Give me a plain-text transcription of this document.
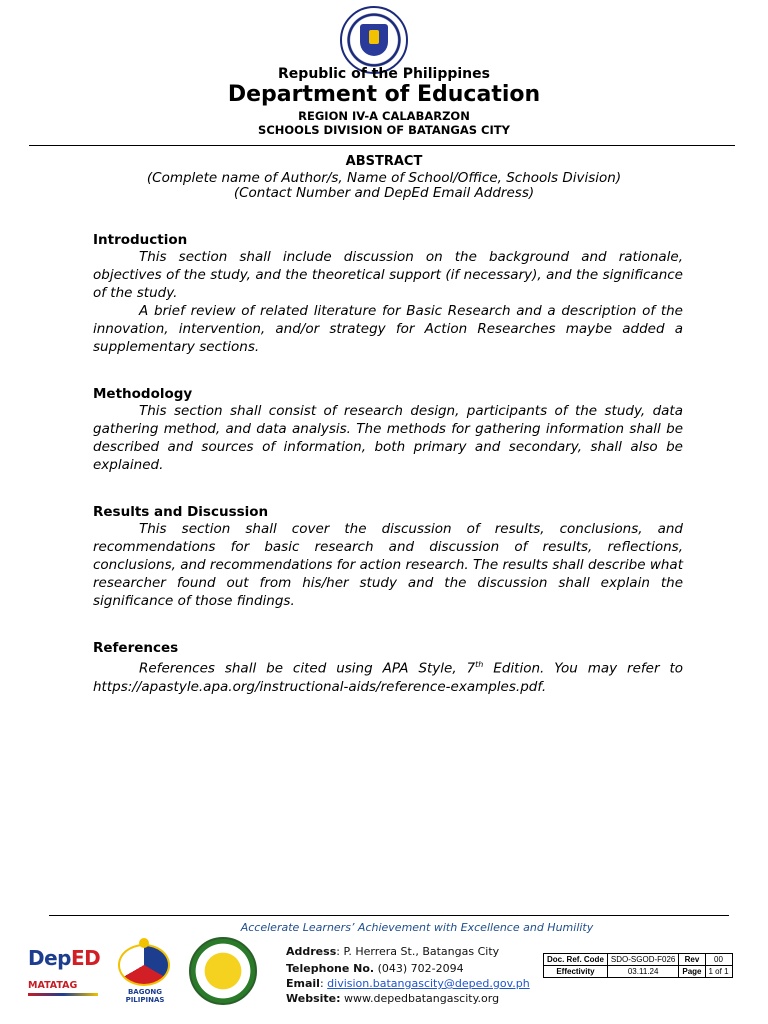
Republic of the Philippines
Department of Education
REGION IV-A CALABARZON
SCHOOLS DIVISION OF BATANGAS CITY
ABSTRACT
(Complete name of Author/s, Name of School/Office, Schools Division)
(Contact Number and DepEd Email Address)
Introduction

This section shall include discussion on the background and rationale, objectives of the study, and the theoretical support (if necessary), and the significance of the study.

A brief review of related literature for Basic Research and a description of the innovation, intervention, and/or strategy for Action Researches maybe added a supplementary sections.

Methodology

This section shall consist of research design, participants of the study, data gathering method, and data analysis. The methods for gathering information shall be described and sources of information, both primary and secondary, shall also be explained.

Results and Discussion

This section shall cover the discussion of results, conclusions, and recommendations for basic research and discussion of results, reflections, conclusions, and recommendations for action research. The results shall describe what researcher found out from his/her study and the discussion shall explain the significance of those findings.

References

References shall be cited using APA Style, 7th Edition. You may refer to https://apastyle.apa.org/instructional-aids/reference-examples.pdf.

Accelerate Learners’ Achievement with Excellence and Humility
DepED
MATATAG
BAGONG PILIPINAS
Address: P. Herrera St., Batangas City
Telephone No. (043) 702-2094
Email: division.batangascity@deped.gov.ph
Website: www.depedbatangascity.org
Doc. Ref. Code	SDO-SGOD-F026	Rev	00
Effectivity	03.11.24	Page	1 of 1
